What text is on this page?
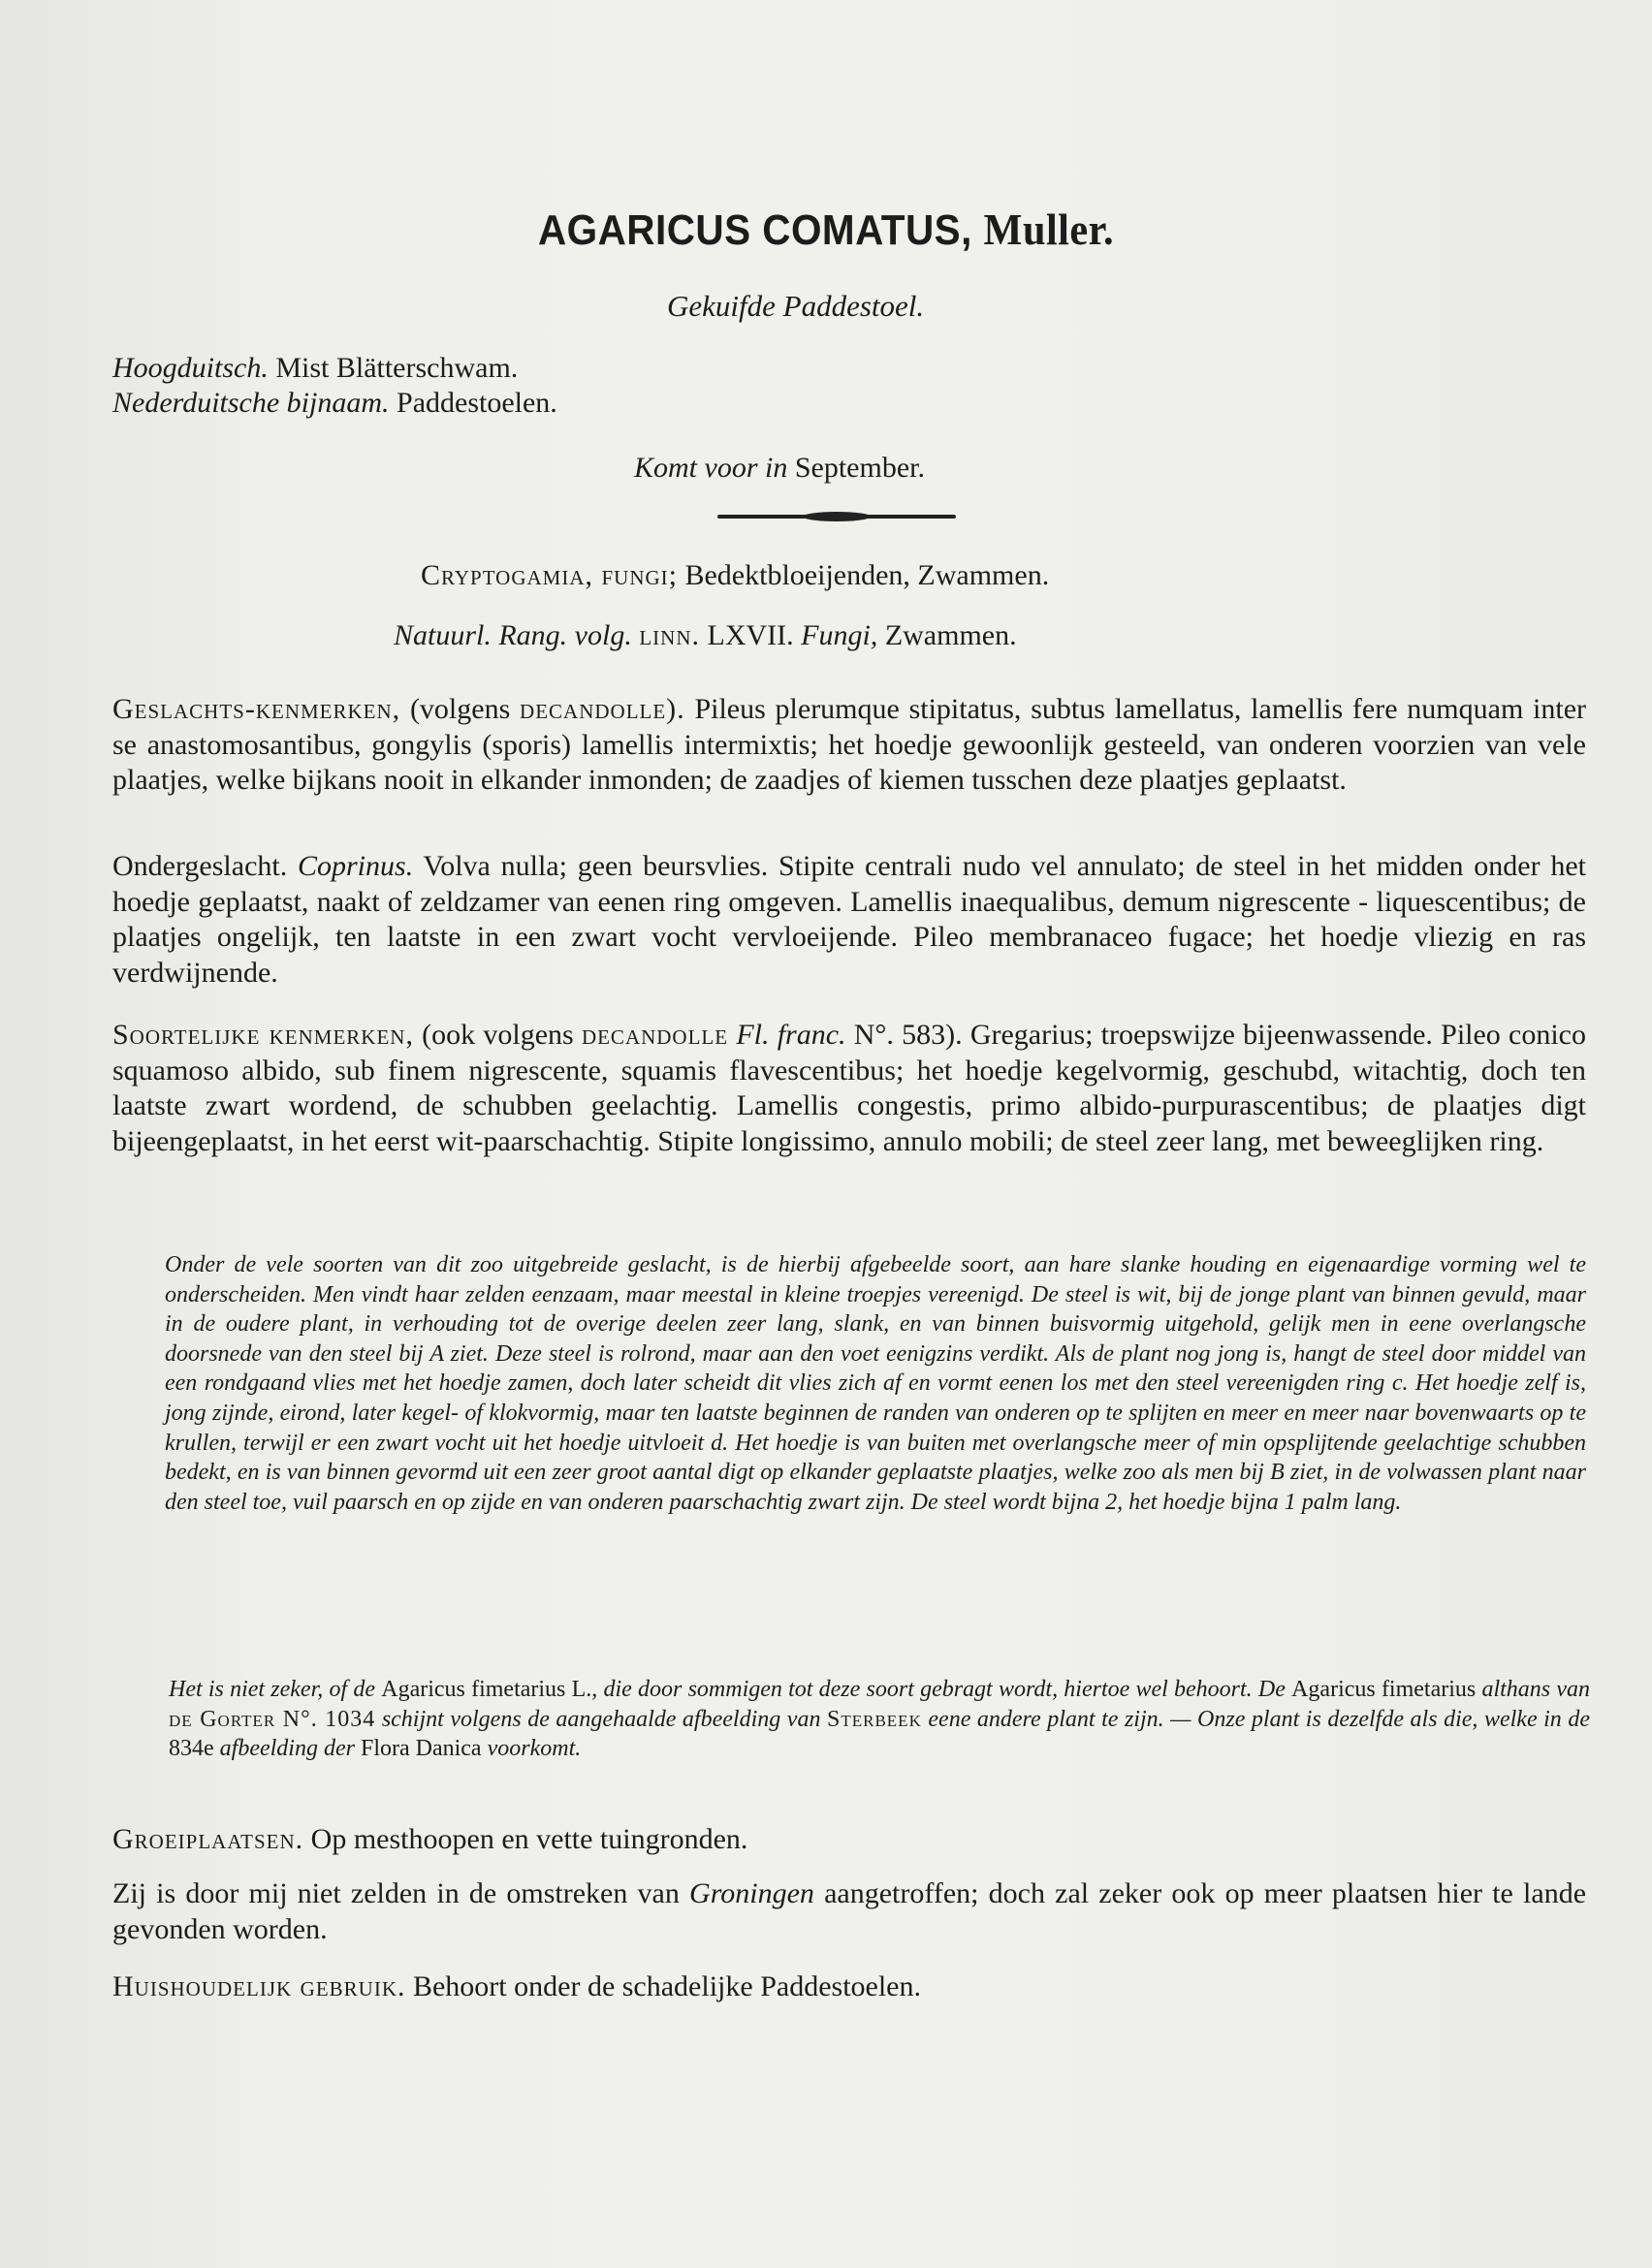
AGARICUS COMATUS, Muller.
Gekuifde Paddestoel.
Hoogduitsch. Mist Blätterschwam.
Nederduitsche bijnaam. Paddestoelen.
Komt voor in September.
Cryptogamia, fungi; Bedektbloeijenden, Zwammen.
Natuurl. Rang. volg. linn. LXVII. Fungi, Zwammen.

Geslachts-kenmerken, (volgens decandolle). Pileus plerumque stipitatus, subtus lamellatus, lamellis fere numquam inter se anastomosantibus, gongylis (sporis) lamellis intermixtis; het hoedje gewoonlijk gesteeld, van onderen voorzien van vele plaatjes, welke bijkans nooit in elkander inmonden; de zaadjes of kiemen tusschen deze plaatjes geplaatst.

Ondergeslacht. Coprinus. Volva nulla; geen beursvlies. Stipite centrali nudo vel annulato; de steel in het midden onder het hoedje geplaatst, naakt of zeldzamer van eenen ring omgeven. Lamellis inaequalibus, demum nigrescente - liquescentibus; de plaatjes ongelijk, ten laatste in een zwart vocht vervloeijende. Pileo membranaceo fugace; het hoedje vliezig en ras verdwijnende.

Soortelijke kenmerken, (ook volgens decandolle Fl. franc. N°. 583). Gregarius; troepswijze bijeenwassende. Pileo conico squamoso albido, sub finem nigrescente, squamis flavescentibus; het hoedje kegelvormig, geschubd, witachtig, doch ten laatste zwart wordend, de schubben geelachtig. Lamellis congestis, primo albido-purpurascentibus; de plaatjes digt bijeengeplaatst, in het eerst wit-paarschachtig. Stipite longissimo, annulo mobili; de steel zeer lang, met beweeglijken ring.

Onder de vele soorten van dit zoo uitgebreide geslacht, is de hierbij afgebeelde soort, aan hare slanke houding en eigenaardige vorming wel te onderscheiden. Men vindt haar zelden eenzaam, maar meestal in kleine troepjes vereenigd. De steel is wit, bij de jonge plant van binnen gevuld, maar in de oudere plant, in verhouding tot de overige deelen zeer lang, slank, en van binnen buisvormig uitgehold, gelijk men in eene overlangsche doorsnede van den steel bij A ziet. Deze steel is rolrond, maar aan den voet eenigzins verdikt. Als de plant nog jong is, hangt de steel door middel van een rondgaand vlies met het hoedje zamen, doch later scheidt dit vlies zich af en vormt eenen los met den steel vereenigden ring c. Het hoedje zelf is, jong zijnde, eirond, later kegel- of klokvormig, maar ten laatste beginnen de randen van onderen op te splijten en meer en meer naar bovenwaarts op te krullen, terwijl er een zwart vocht uit het hoedje uitvloeit d. Het hoedje is van buiten met overlangsche meer of min opsplijtende geelachtige schubben bedekt, en is van binnen gevormd uit een zeer groot aantal digt op elkander geplaatste plaatjes, welke zoo als men bij B ziet, in de volwassen plant naar den steel toe, vuil paarsch en op zijde en van onderen paarschachtig zwart zijn. De steel wordt bijna 2, het hoedje bijna 1 palm lang.

Het is niet zeker, of de Agaricus fimetarius L., die door sommigen tot deze soort gebragt wordt, hiertoe wel behoort. De Agaricus fimetarius althans van de Gorter N°. 1034 schijnt volgens de aangehaalde afbeelding van Sterbeek eene andere plant te zijn. — Onze plant is dezelfde als die, welke in de 834e afbeelding der Flora Danica voorkomt.

Groeiplaatsen. Op mesthoopen en vette tuingronden.

Zij is door mij niet zelden in de omstreken van Groningen aangetroffen; doch zal zeker ook op meer plaatsen hier te lande gevonden worden.

Huishoudelijk gebruik. Behoort onder de schadelijke Paddestoelen.
